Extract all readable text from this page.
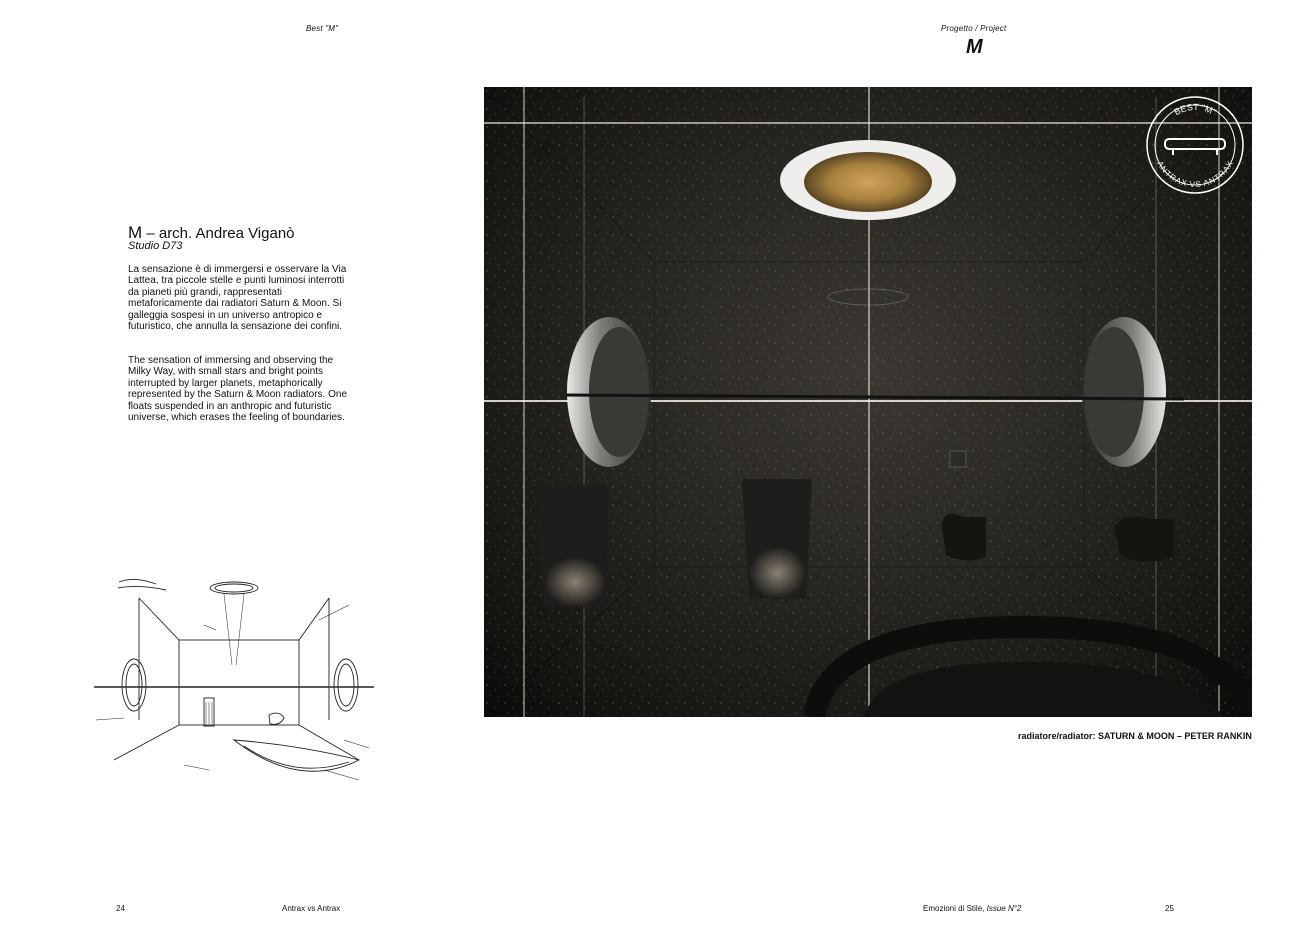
Best "M"
M – arch. Andrea Viganò
Studio D73
La sensazione è di immergersi e osservare la Via Lattea, tra piccole stelle e punti luminosi interrotti da pianeti più grandi, rappresentati metaforicamente dai radiatori Saturn & Moon. Si galleggia sospesi in un universo antropico e futuristico, che annulla la sensazione dei confini.
The sensation of immersing and observing the Milky Way, with small stars and bright points interrupted by larger planets, metaphorically represented by the Saturn & Moon radiators. One floats suspended in an anthropic and futuristic universe, which erases the feeling of boundaries.
24	Antrax vs Antrax
Progetto / Project
M
BEST "M"
ANTRAX VS ANTRAX
radiatore/radiator: SATURN & MOON – PETER RANKIN
Emozioni di Stile, Issue N°2	25
